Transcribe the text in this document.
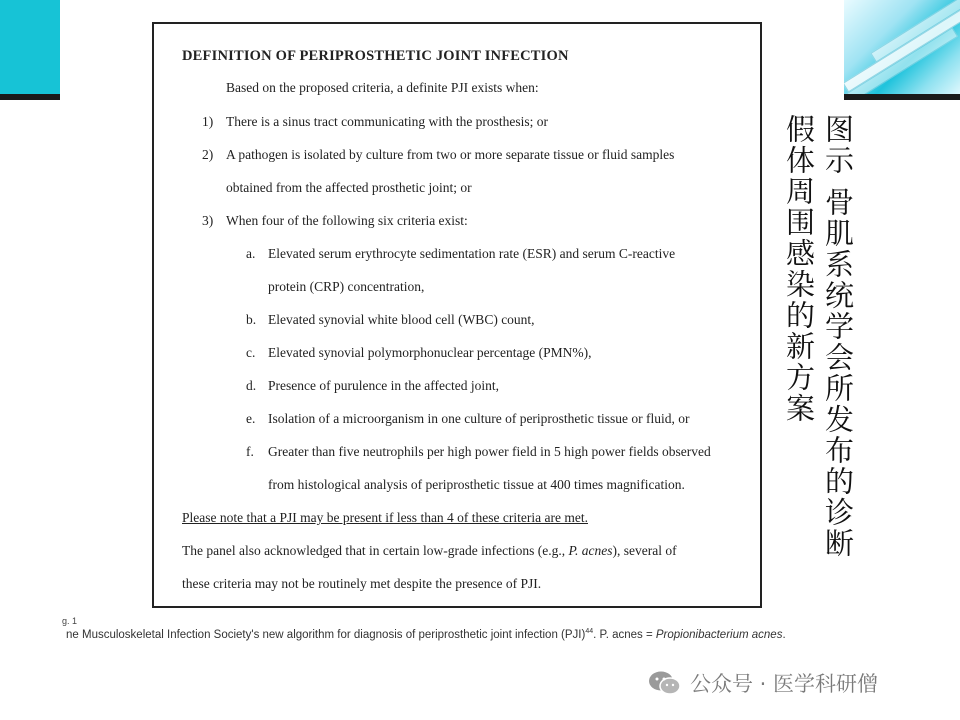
DEFINITION OF PERIPROSTHETIC JOINT INFECTION
Based on the proposed criteria, a definite PJI exists when:
1) There is a sinus tract communicating with the prosthesis; or
2) A pathogen is isolated by culture from two or more separate tissue or fluid samples
obtained from the affected prosthetic joint; or
3) When four of the following six criteria exist:
a. Elevated serum erythrocyte sedimentation rate (ESR) and serum C-reactive
protein (CRP) concentration,
b. Elevated synovial white blood cell (WBC) count,
c. Elevated synovial polymorphonuclear percentage (PMN%),
d. Presence of purulence in the affected joint,
e. Isolation of a microorganism in one culture of periprosthetic tissue or fluid, or
f. Greater than five neutrophils per high power field in 5 high power fields observed
from histological analysis of periprosthetic tissue at 400 times magnification.
Please note that a PJI may be present if less than 4 of these criteria are met.
The panel also acknowledged that in certain low-grade infections (e.g., P. acnes), several of
these criteria may not be routinely met despite the presence of PJI.
图示 骨肌系统学会所发布的诊断
假体周围感染的新方案
g. 1
ne Musculoskeletal Infection Society's new algorithm for diagnosis of periprosthetic joint infection (PJI)$^{44}$. P. acnes = Propionibacterium acnes.
公众号 · 医学科研僧
